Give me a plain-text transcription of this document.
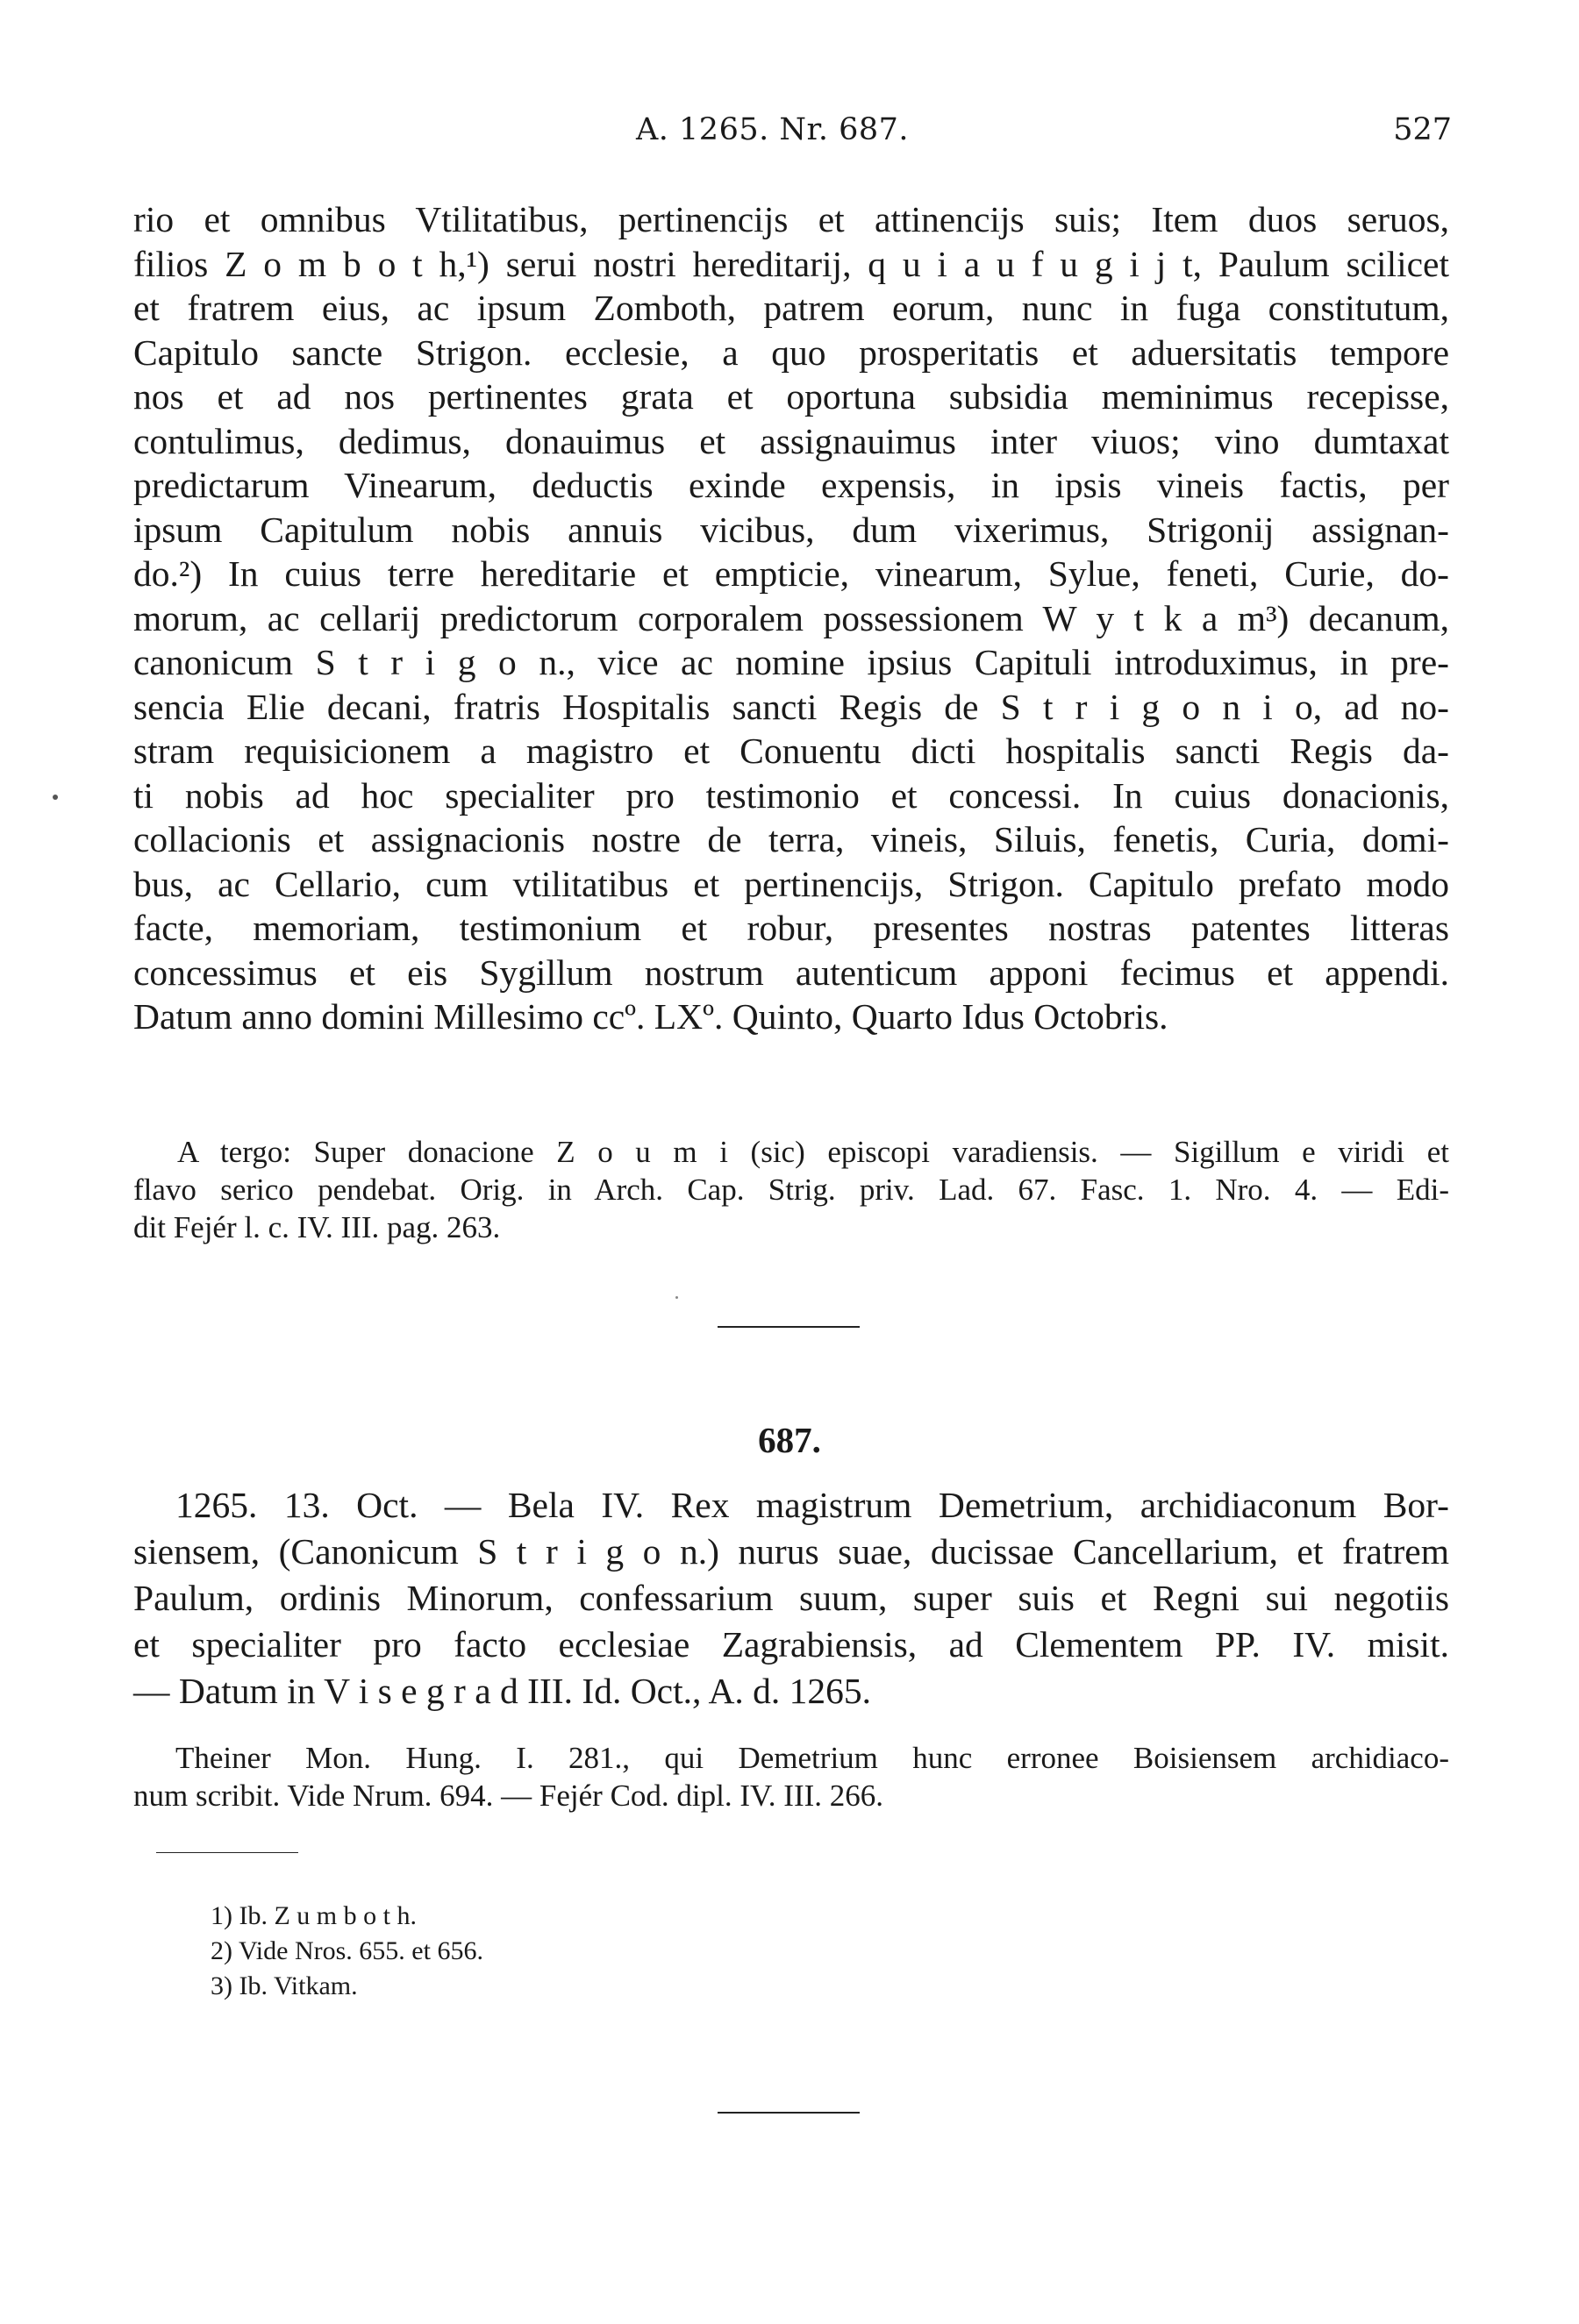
A. 1265. Nr. 687.	527
rio et omnibus Vtilitatibus, pertinencijs et attinencijs suis; Item duos seruos,
filios Z o m b o t h,¹) serui nostri hereditarij, q u i a u f u g i j t, Paulum scilicet
et fratrem eius, ac ipsum Zomboth, patrem eorum, nunc in fuga constitutum,
Capitulo sancte Strigon. ecclesie, a quo prosperitatis et aduersitatis tempore
nos et ad nos pertinentes grata et oportuna subsidia meminimus recepisse,
contulimus, dedimus, donauimus et assignauimus inter viuos; vino dumtaxat
predictarum Vinearum, deductis exinde expensis, in ipsis vineis factis, per
ipsum Capitulum nobis annuis vicibus, dum vixerimus, Strigonij assignan-
do.²) In cuius terre hereditarie et empticie, vinearum, Sylue, feneti, Curie, do-
morum, ac cellarij predictorum corporalem possessionem W y t k a m³) decanum,
canonicum S t r i g o n., vice ac nomine ipsius Capituli introduximus, in pre-
sencia Elie decani, fratris Hospitalis sancti Regis de S t r i g o n i o, ad no-
stram requisicionem a magistro et Conuentu dicti hospitalis sancti Regis da-
ti nobis ad hoc specialiter pro testimonio et concessi. In cuius donacionis,
collacionis et assignacionis nostre de terra, vineis, Siluis, fenetis, Curia, domi-
bus, ac Cellario, cum vtilitatibus et pertinencijs, Strigon. Capitulo prefato modo
facte, memoriam, testimonium et robur, presentes nostras patentes litteras
concessimus et eis Sygillum nostrum autenticum apponi fecimus et appendi.
Datum anno domini Millesimo ccº. LXº. Quinto, Quarto Idus Octobris.
A tergo: Super donacione Z o u m i (sic) episcopi varadiensis. — Sigillum e viridi et
flavo serico pendebat. Orig. in Arch. Cap. Strig. priv. Lad. 67. Fasc. 1. Nro. 4. — Edi-
dit Fejér l. c. IV. III. pag. 263.
687.
1265. 13. Oct. — Bela IV. Rex magistrum Demetrium, archidiaconum Bor-
siensem, (Canonicum S t r i g o n.) nurus suae, ducissae Cancellarium, et fratrem
Paulum, ordinis Minorum, confessarium suum, super suis et Regni sui negotiis
et specialiter pro facto ecclesiae Zagrabiensis, ad Clementem PP. IV. misit.
— Datum in V i s e g r a d III. Id. Oct., A. d. 1265.
Theiner Mon. Hung. I. 281., qui Demetrium hunc erronee Boisiensem archidiaco-
num scribit. Vide Nrum. 694. — Fejér Cod. dipl. IV. III. 266.
1) Ib. Z u m b o t h.
2) Vide Nros. 655. et 656.
3) Ib. Vitkam.
